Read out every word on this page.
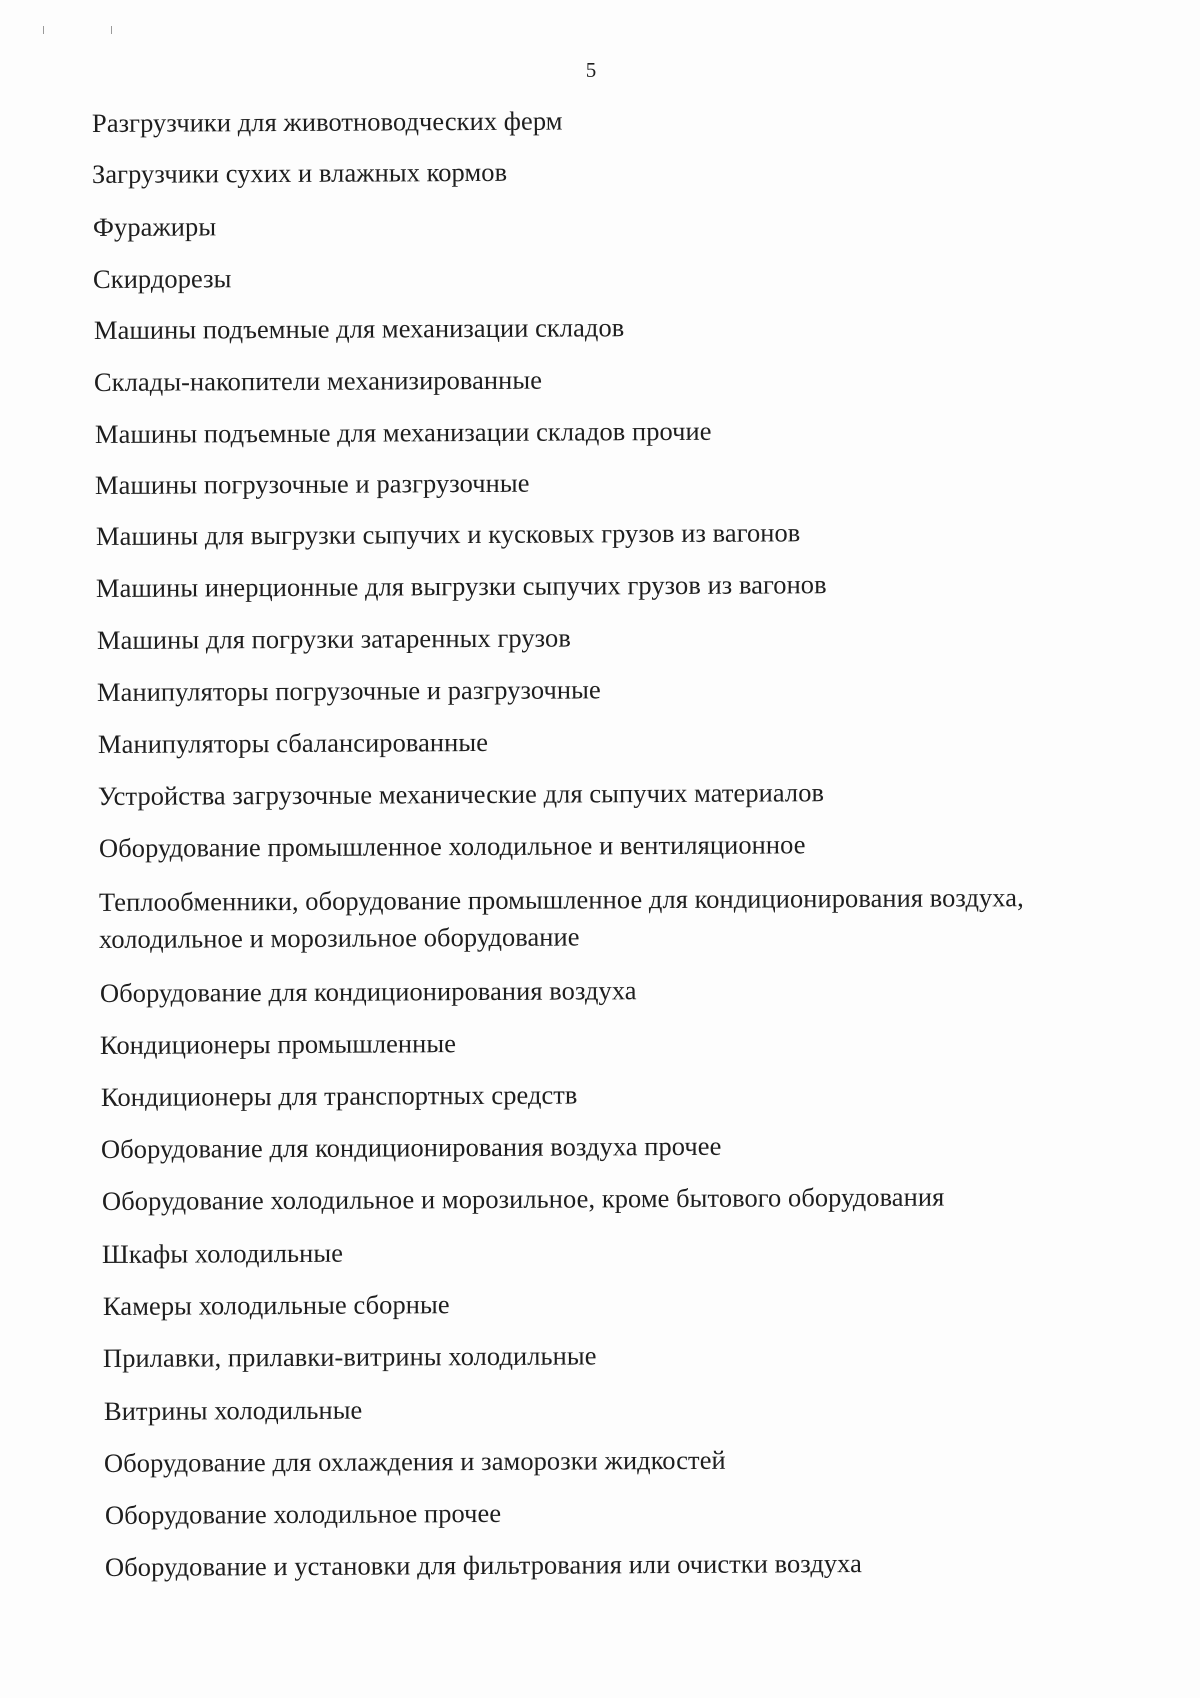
5
Разгрузчики для животноводческих ферм
Загрузчики сухих и влажных кормов
Фуражиры
Скирдорезы
Машины подъемные для механизации складов
Склады-накопители механизированные
Машины подъемные для механизации складов прочие
Машины погрузочные и разгрузочные
Машины для выгрузки сыпучих и кусковых грузов из вагонов
Машины инерционные для выгрузки сыпучих грузов из вагонов
Машины для погрузки затаренных грузов
Манипуляторы погрузочные и разгрузочные
Манипуляторы сбалансированные
Устройства загрузочные механические для сыпучих материалов
Оборудование промышленное холодильное и вентиляционное
Теплообменники, оборудование промышленное для кондиционирования воздуха,
холодильное и морозильное оборудование
Оборудование для кондиционирования воздуха
Кондиционеры промышленные
Кондиционеры для транспортных средств
Оборудование для кондиционирования воздуха прочее
Оборудование холодильное и морозильное, кроме бытового оборудования
Шкафы холодильные
Камеры холодильные сборные
Прилавки, прилавки-витрины холодильные
Витрины холодильные
Оборудование для охлаждения и заморозки жидкостей
Оборудование холодильное прочее
Оборудование и установки для фильтрования или очистки воздуха
